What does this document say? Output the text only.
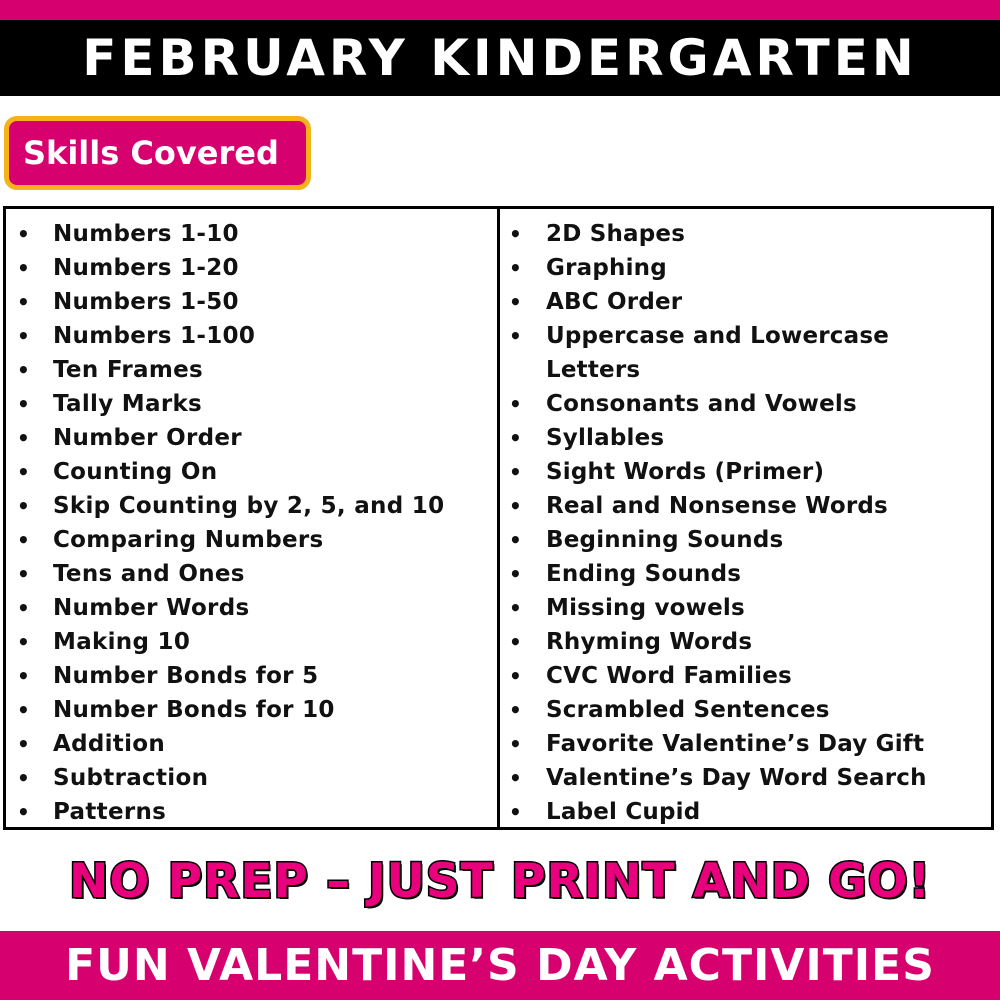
FEBRUARY KINDERGARTEN
Skills Covered
• Numbers 1-10
• Numbers 1-20
• Numbers 1-50
• Numbers 1-100
• Ten Frames
• Tally Marks
• Number Order
• Counting On
• Skip Counting by 2, 5, and 10
• Comparing Numbers
• Tens and Ones
• Number Words
• Making 10
• Number Bonds for 5
• Number Bonds for 10
• Addition
• Subtraction
• Patterns
• 2D Shapes
• Graphing
• ABC Order
• Uppercase and Lowercase Letters
• Consonants and Vowels
• Syllables
• Sight Words (Primer)
• Real and Nonsense Words
• Beginning Sounds
• Ending Sounds
• Missing vowels
• Rhyming Words
• CVC Word Families
• Scrambled Sentences
• Favorite Valentine’s Day Gift
• Valentine’s Day Word Search
• Label Cupid
NO PREP – JUST PRINT AND GO!
FUN VALENTINE’S DAY ACTIVITIES
